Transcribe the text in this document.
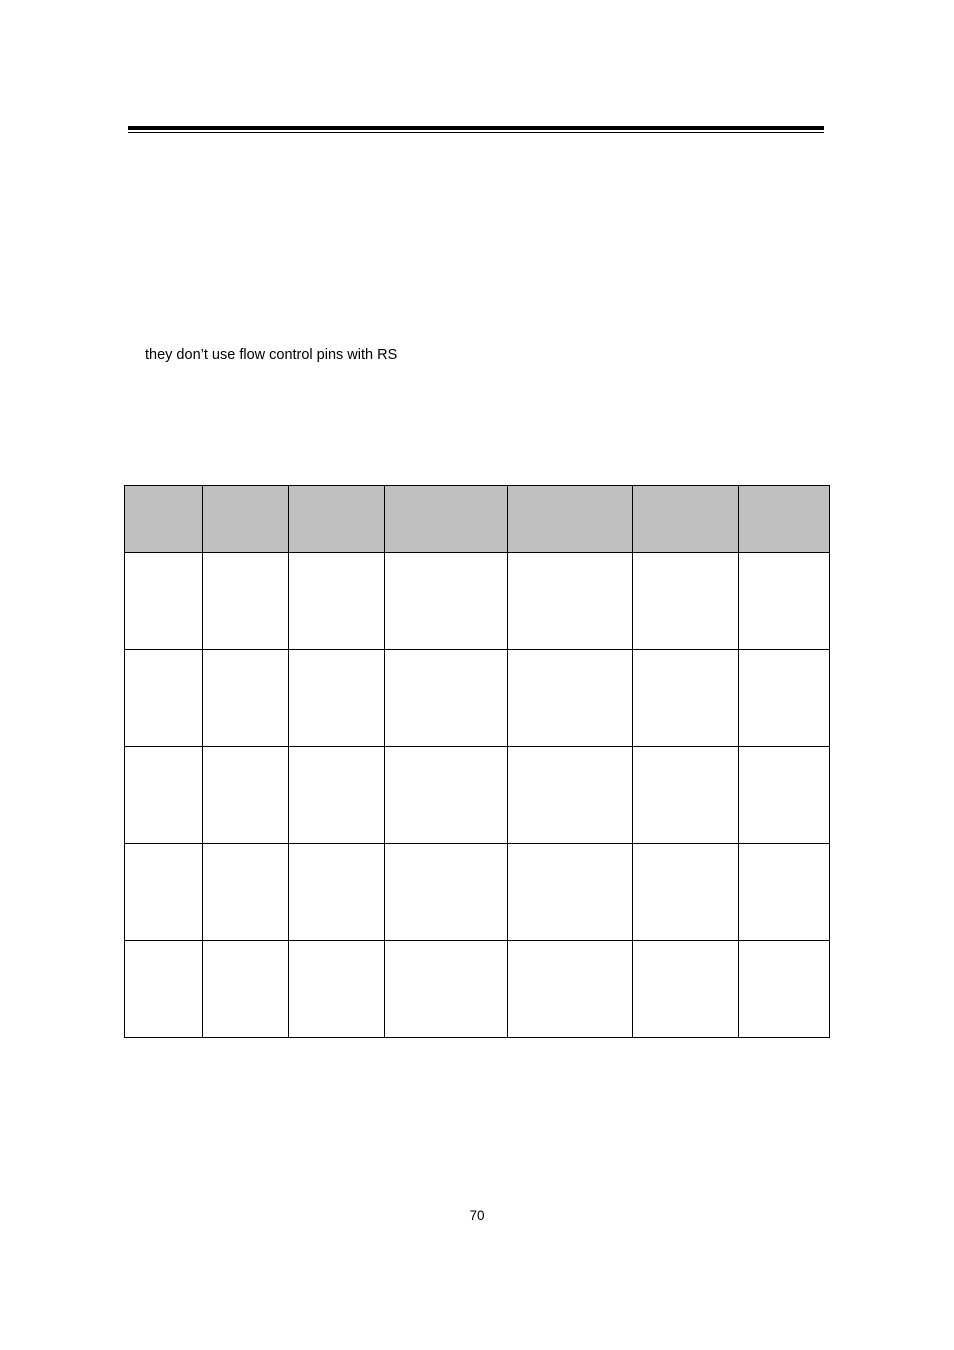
they don’t use flow control pins with RS

70
